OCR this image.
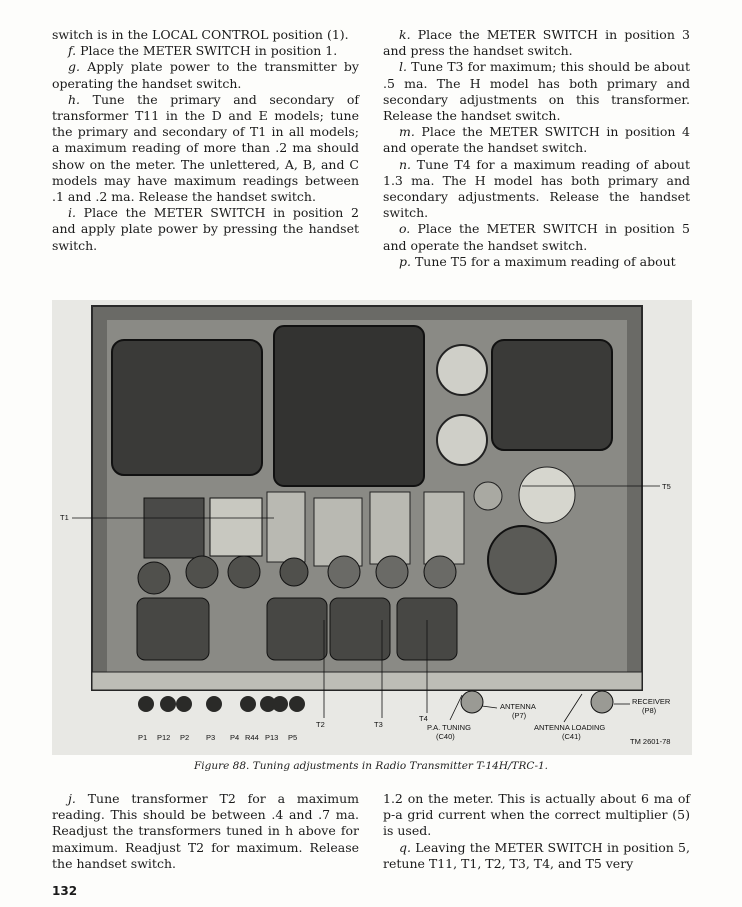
switch is in the LOCAL CONTROL position (1).

f. Place the METER SWITCH in position 1.

g. Apply plate power to the transmitter by operating the handset switch.

h. Tune the primary and secondary of transformer T11 in the D and E models; tune the primary and secondary of T1 in all models; a maximum reading of more than .2 ma should show on the meter. The unlettered, A, B, and C models may have maximum readings between .1 and .2 ma. Release the handset switch.

i. Place the METER SWITCH in position 2 and apply plate power by pressing the handset switch.

k. Place the METER SWITCH in position 3 and press the handset switch.

l. Tune T3 for maximum; this should be about .5 ma. The H model has both primary and secondary adjustments on this transformer. Release the handset switch.

m. Place the METER SWITCH in position 4 and operate the handset switch.

n. Tune T4 for a maximum reading of about 1.3 ma. The H model has both primary and secondary adjustments. Release the handset switch.

o. Place the METER SWITCH in position 5 and operate the handset switch.

p. Tune T5 for a maximum reading of about

T1
T5
T2	T3
T4
ANTENNA
(P7)
RECEIVER
(P8)
P.A. TUNING
(C40)
ANTENNA LOADING
(C41)
TM 2601-78
P1 P12 P2 P3 P4 R44 P13 P5
Figure 88. Tuning adjustments in Radio Transmitter T-14H/TRC-1.

j. Tune transformer T2 for a maximum reading. This should be between .4 and .7 ma. Readjust the transformers tuned in h above for maximum. Readjust T2 for maximum. Release the handset switch.

1.2 on the meter. This is actually about 6 ma of p-a grid current when the correct multiplier (5) is used.

q. Leaving the METER SWITCH in position 5, retune T11, T1, T2, T3, T4, and T5 very

132
